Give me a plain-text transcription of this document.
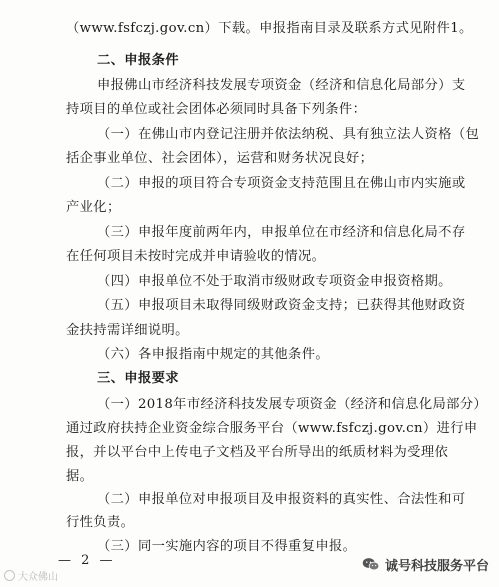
（www.fsfczj.gov.cn）下载。申报指南目录及联系方式见附件1。
二、申报条件
申报佛山市经济科技发展专项资金（经济和信息化局部分）支
持项目的单位或社会团体必须同时具备下列条件：
（一）在佛山市内登记注册并依法纳税、具有独立法人资格（包
括企事业单位、社会团体），运营和财务状况良好；
（二）申报的项目符合专项资金支持范围且在佛山市内实施或
产业化；
（三）申报年度前两年内，申报单位在市经济和信息化局不存
在任何项目未按时完成并申请验收的情况。
（四）申报单位不处于取消市级财政专项资金申报资格期。
（五）申报项目未取得同级财政资金支持；已获得其他财政资
金扶持需详细说明。
（六）各申报指南中规定的其他条件。
三、申报要求
（一）2018年市经济科技发展专项资金（经济和信息化局部分）
通过政府扶持企业资金综合服务平台（www.fsfczj.gov.cn）进行申
报，并以平台中上传电子文档及平台所导出的纸质材料为受理依
据。
（二）申报单位对申报项目及申报资料的真实性、合法性和可
行性负责。
（三）同一实施内容的项目不得重复申报。
— 2 —
大众佛山
诚号科技服务平台
